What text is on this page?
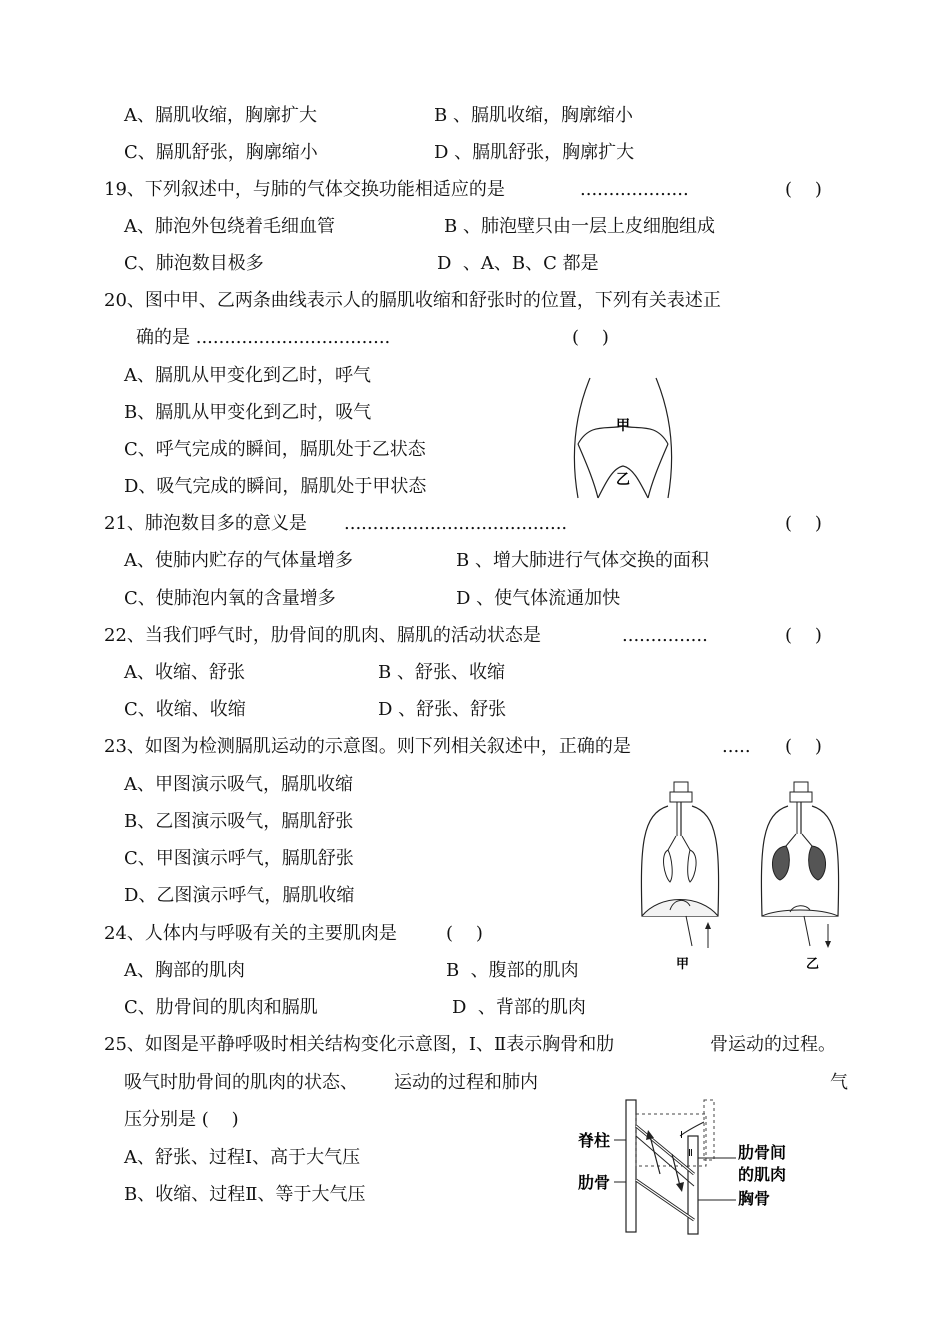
A、膈肌收缩，胸廓扩大	B 、膈肌收缩，胸廓缩小
C、膈肌舒张，胸廓缩小	D 、膈肌舒张，胸廓扩大
19、下列叙述中，与肺的气体交换功能相适应的是	...................	(    )
A、肺泡外包绕着毛细血管	B 、肺泡壁只由一层上皮细胞组成
C、肺泡数目极多	D  、A、B、C 都是
20、图中甲、乙两条曲线表示人的膈肌收缩和舒张时的位置，下列有关表述正
确的是 ..................................	(    )
A、膈肌从甲变化到乙时，呼气
B、膈肌从甲变化到乙时，吸气
C、呼气完成的瞬间，膈肌处于乙状态
D、吸气完成的瞬间，膈肌处于甲状态
甲
乙
21、肺泡数目多的意义是 .......................................	(    )
A、使肺内贮存的气体量增多	B 、增大肺进行气体交换的面积
C、使肺泡内氧的含量增多	D 、使气体流通加快
22、当我们呼气时，肋骨间的肌肉、膈肌的活动状态是	...............	(    )
A、收缩、舒张	B 、舒张、收缩
C、收缩、收缩	D 、舒张、舒张
23、如图为检测膈肌运动的示意图。则下列相关叙述中，正确的是	..... (    )
A、甲图演示吸气，膈肌收缩
B、乙图演示吸气，膈肌舒张
C、甲图演示呼气，膈肌舒张
D、乙图演示呼气，膈肌收缩
甲	乙
24、人体内与呼吸有关的主要肌肉是	(    )
A、胸部的肌肉	B  、腹部的肌肉
C、肋骨间的肌肉和膈肌	D  、背部的肌肉
25、如图是平静呼吸时相关结构变化示意图，Ⅰ、Ⅱ表示胸骨和肋	骨运动的过程。
吸气时肋骨间的肌肉的状态、 运动的过程和肺内	气
压分别是 (    )
A、舒张、过程Ⅰ、高于大气压
B、收缩、过程Ⅱ、等于大气压
Ⅰ
Ⅱ
脊柱
肋骨
肋骨间
的肌肉
胸骨
